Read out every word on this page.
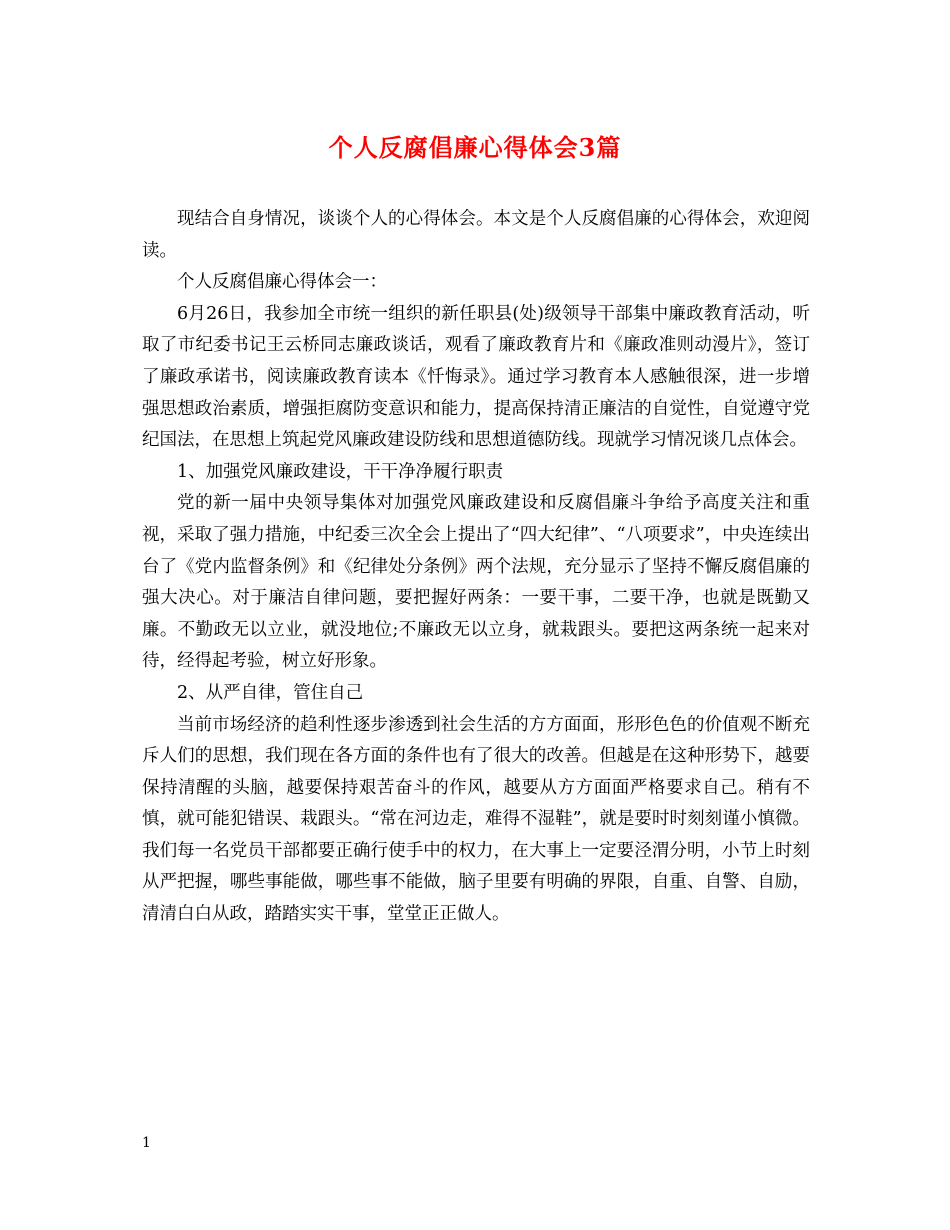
个人反腐倡廉心得体会3篇

现结合自身情况，谈谈个人的心得体会。本文是个人反腐倡廉的心得体会，欢迎阅读。

个人反腐倡廉心得体会一：

6月26日，我参加全市统一组织的新任职县(处)级领导干部集中廉政教育活动，听取了市纪委书记王云桥同志廉政谈话，观看了廉政教育片和《廉政准则动漫片》，签订了廉政承诺书，阅读廉政教育读本《忏悔录》。通过学习教育本人感触很深，进一步增强思想政治素质，增强拒腐防变意识和能力，提高保持清正廉洁的自觉性，自觉遵守党纪国法，在思想上筑起党风廉政建设防线和思想道德防线。现就学习情况谈几点体会。

1、加强党风廉政建设，干干净净履行职责

党的新一届中央领导集体对加强党风廉政建设和反腐倡廉斗争给予高度关注和重视，采取了强力措施，中纪委三次全会上提出了“四大纪律”、“八项要求”，中央连续出台了《党内监督条例》和《纪律处分条例》两个法规，充分显示了坚持不懈反腐倡廉的强大决心。对于廉洁自律问题，要把握好两条：一要干事，二要干净，也就是既勤又廉。不勤政无以立业，就没地位;不廉政无以立身，就栽跟头。要把这两条统一起来对待，经得起考验，树立好形象。

2、从严自律，管住自己

当前市场经济的趋利性逐步渗透到社会生活的方方面面，形形色色的价值观不断充斥人们的思想，我们现在各方面的条件也有了很大的改善。但越是在这种形势下，越要保持清醒的头脑，越要保持艰苦奋斗的作风，越要从方方面面严格要求自己。稍有不慎，就可能犯错误、栽跟头。“常在河边走，难得不湿鞋”，就是要时时刻刻谨小慎微。我们每一名党员干部都要正确行使手中的权力，在大事上一定要泾渭分明，小节上时刻从严把握，哪些事能做，哪些事不能做，脑子里要有明确的界限，自重、自警、自励，清清白白从政，踏踏实实干事，堂堂正正做人。

1
